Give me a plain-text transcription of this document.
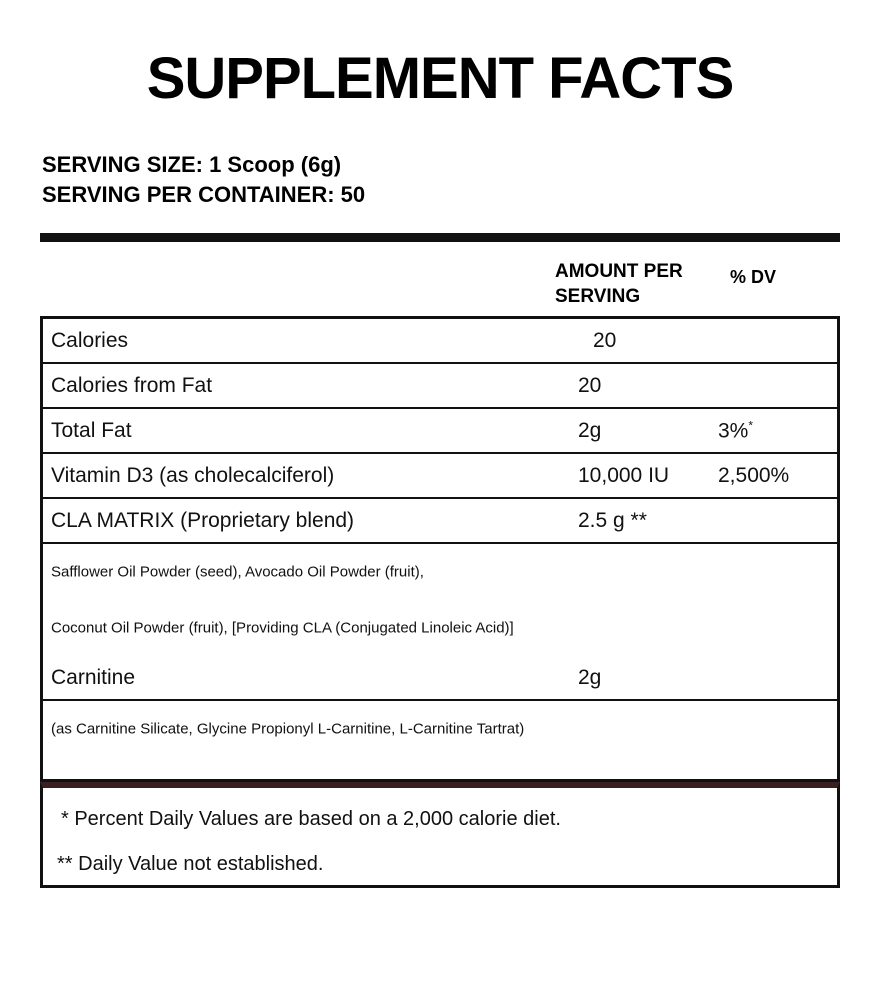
SUPPLEMENT FACTS
SERVING SIZE: 1 Scoop (6g)
SERVING PER CONTAINER: 50
AMOUNT PER
SERVING
% DV
Calories	20
Calories from Fat	20
Total Fat	2g	3%*
Vitamin D3 (as cholecalciferol)	10,000 IU 2,500%
CLA MATRIX (Proprietary blend)	2.5 g **
Safflower Oil Powder (seed), Avocado Oil Powder (fruit),
Coconut Oil Powder (fruit), [Providing CLA (Conjugated Linoleic Acid)]
Carnitine	2g
(as Carnitine Silicate, Glycine Propionyl L-Carnitine, L-Carnitine Tartrat)
* Percent Daily Values are based on a 2,000 calorie diet.
** Daily Value not established.
